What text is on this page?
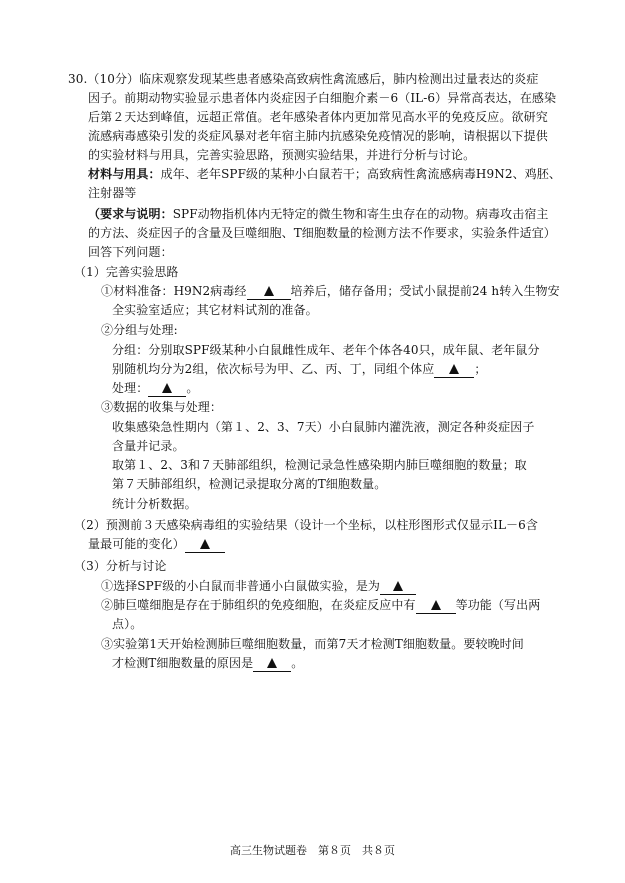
30.（10分）临床观察发现某些患者感染高致病性禽流感后，肺内检测出过量表达的炎症
因子。前期动物实验显示患者体内炎症因子白细胞介素－6（IL-6）异常高表达，在感染
后第２天达到峰值，远超正常值。老年感染者体内更加常见高水平的免疫反应。欲研究
流感病毒感染引发的炎症风暴对老年宿主肺内抗感染免疫情况的影响，请根据以下提供
的实验材料与用具，完善实验思路，预测实验结果，并进行分析与讨论。
材料与用具：成年、老年SPF级的某种小白鼠若干；高致病性禽流感病毒H9N2、鸡胚、
注射器等
（要求与说明：SPF动物指机体内无特定的微生物和寄生虫存在的动物。病毒攻击宿主
的方法、炎症因子的含量及巨噬细胞、T细胞数量的检测方法不作要求，实验条件适宜）
回答下列问题：
（1）完善实验思路
①材料准备：H9N2病毒经	培养后，储存备用；受试小鼠提前24 h转入生物安
全实验室适应；其它材料试剂的准备。
②分组与处理:
分组：分别取SPF级某种小白鼠雌性成年、老年个体各40只，成年鼠、老年鼠分
别随机均分为2组，依次标号为甲、乙、丙、丁，同组个体应	；
处理：	。
③数据的收集与处理：
收集感染急性期内（第１、2、3、7天）小白鼠肺内灌洗液，测定各种炎症因子
含量并记录。
取第１、2、3和７天肺部组织，检测记录急性感染期内肺巨噬细胞的数量；取
第７天肺部组织，检测记录提取分离的T细胞数量。
统计分析数据。
（2）预测前３天感染病毒组的实验结果（设计一个坐标，以柱形图形式仅显示IL－6含
量最可能的变化）
（3）分析与讨论
①选择SPF级的小白鼠而非普通小白鼠做实验，是为
②肺巨噬细胞是存在于肺组织的免疫细胞，在炎症反应中有	等功能（写出两
点）。
③实验第1天开始检测肺巨噬细胞数量，而第7天才检测T细胞数量。要较晚时间
才检测T细胞数量的原因是	。
高三生物试题卷　第８页　共８页
